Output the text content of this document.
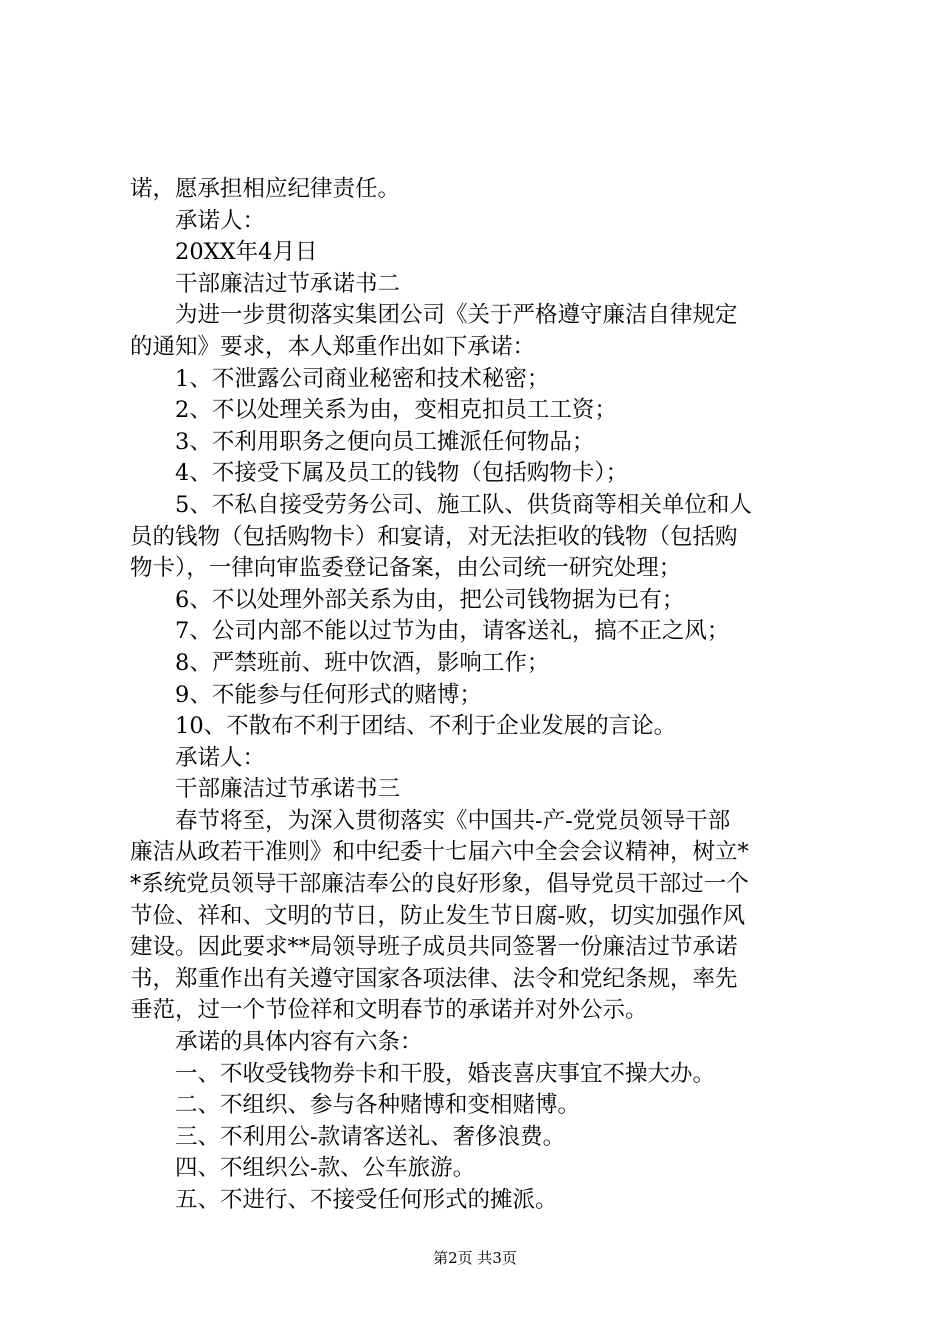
诺，愿承担相应纪律责任。
承诺人：
20XX年4月日
干部廉洁过节承诺书二
为进一步贯彻落实集团公司《关于严格遵守廉洁自律规定
的通知》要求，本人郑重作出如下承诺：
1、不泄露公司商业秘密和技术秘密；
2、不以处理关系为由，变相克扣员工工资；
3、不利用职务之便向员工摊派任何物品；
4、不接受下属及员工的钱物（包括购物卡）；
5、不私自接受劳务公司、施工队、供货商等相关单位和人
员的钱物（包括购物卡）和宴请，对无法拒收的钱物（包括购
物卡），一律向审监委登记备案，由公司统一研究处理；
6、不以处理外部关系为由，把公司钱物据为已有；
7、公司内部不能以过节为由，请客送礼，搞不正之风；
8、严禁班前、班中饮酒，影响工作；
9、不能参与任何形式的赌博；
10、不散布不利于团结、不利于企业发展的言论。
承诺人：
干部廉洁过节承诺书三
春节将至，为深入贯彻落实《中国共-产-党党员领导干部
廉洁从政若干准则》和中纪委十七届六中全会会议精神，树立*
*系统党员领导干部廉洁奉公的良好形象，倡导党员干部过一个
节俭、祥和、文明的节日，防止发生节日腐-败，切实加强作风
建设。因此要求**局领导班子成员共同签署一份廉洁过节承诺
书，郑重作出有关遵守国家各项法律、法令和党纪条规，率先
垂范，过一个节俭祥和文明春节的承诺并对外公示。
承诺的具体内容有六条：
一、不收受钱物券卡和干股，婚丧喜庆事宜不操大办。
二、不组织、参与各种赌博和变相赌博。
三、不利用公-款请客送礼、奢侈浪费。
四、不组织公-款、公车旅游。
五、不进行、不接受任何形式的摊派。
第2页 共3页
